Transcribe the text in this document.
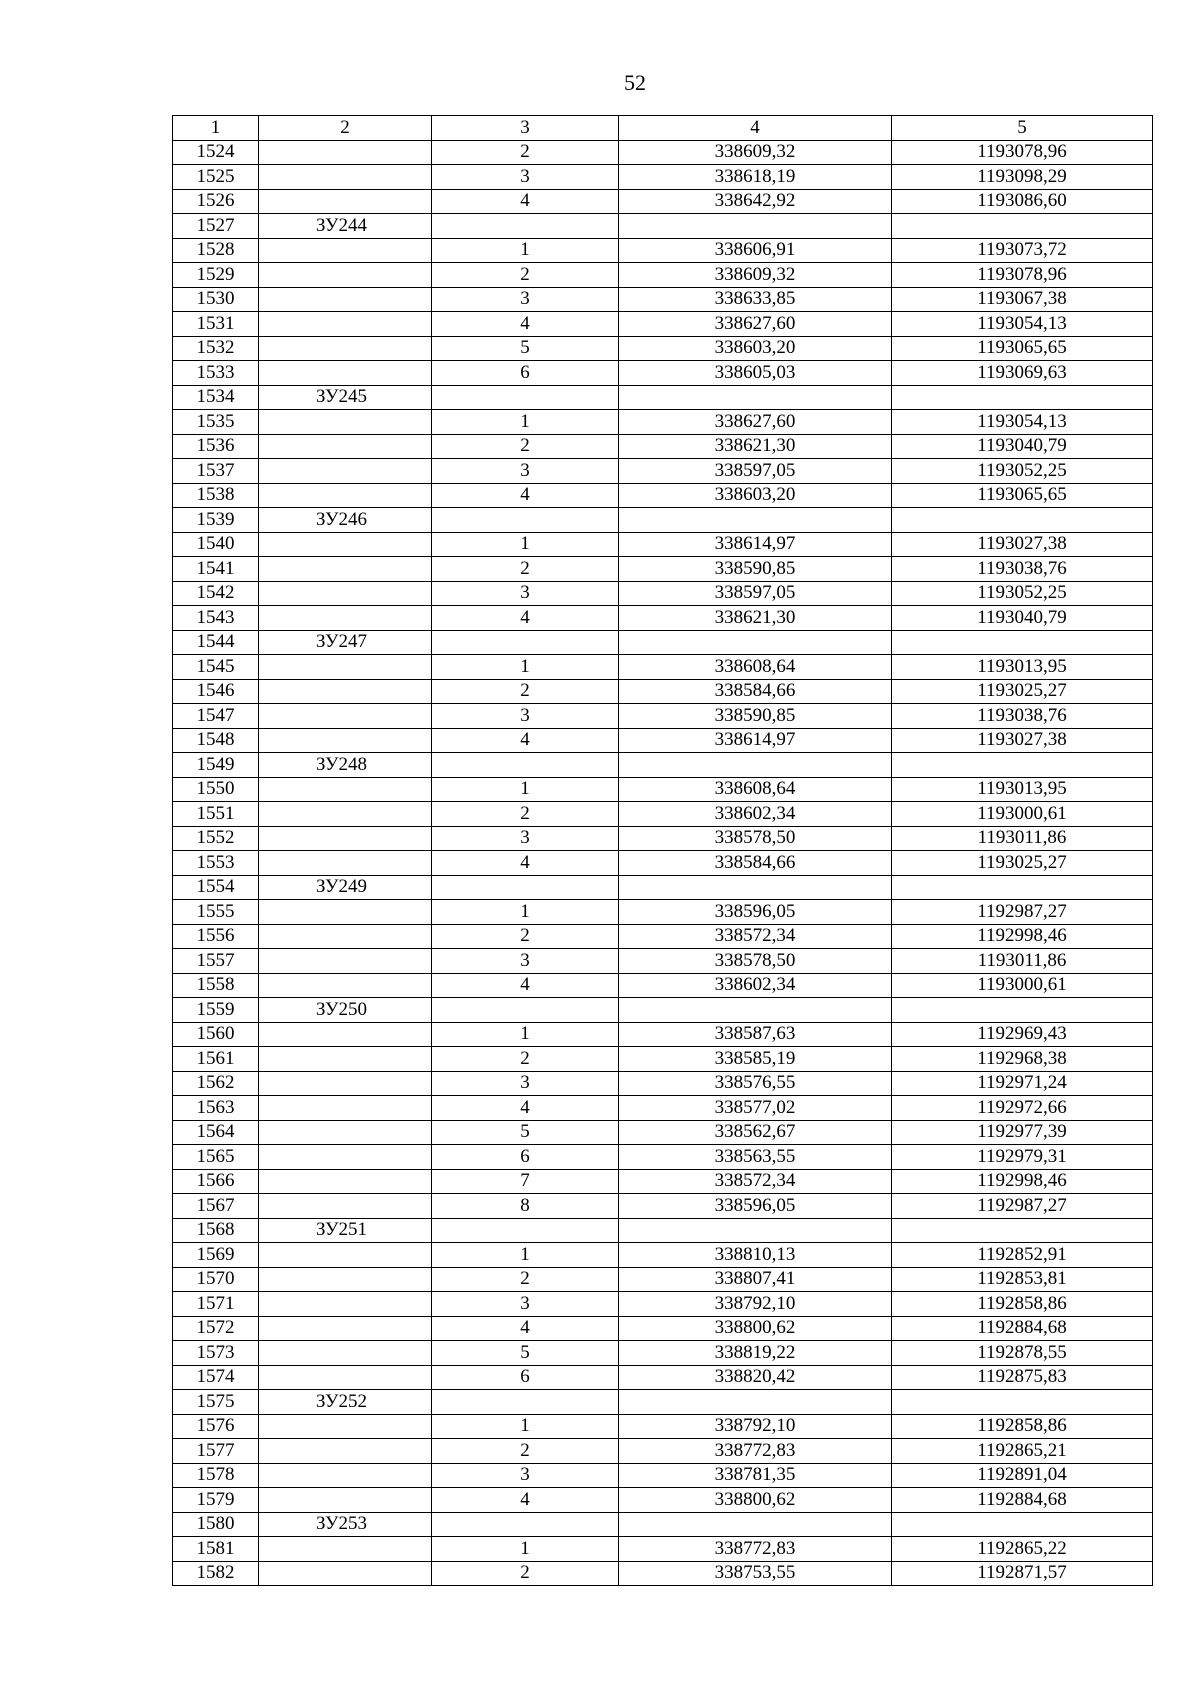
52
1	2	3	4	5
1524		2	338609,32	1193078,96
1525		3	338618,19	1193098,29
1526		4	338642,92	1193086,60
1527	ЗУ244			
1528		1	338606,91	1193073,72
1529		2	338609,32	1193078,96
1530		3	338633,85	1193067,38
1531		4	338627,60	1193054,13
1532		5	338603,20	1193065,65
1533		6	338605,03	1193069,63
1534	ЗУ245			
1535		1	338627,60	1193054,13
1536		2	338621,30	1193040,79
1537		3	338597,05	1193052,25
1538		4	338603,20	1193065,65
1539	ЗУ246			
1540		1	338614,97	1193027,38
1541		2	338590,85	1193038,76
1542		3	338597,05	1193052,25
1543		4	338621,30	1193040,79
1544	ЗУ247			
1545		1	338608,64	1193013,95
1546		2	338584,66	1193025,27
1547		3	338590,85	1193038,76
1548		4	338614,97	1193027,38
1549	ЗУ248			
1550		1	338608,64	1193013,95
1551		2	338602,34	1193000,61
1552		3	338578,50	1193011,86
1553		4	338584,66	1193025,27
1554	ЗУ249			
1555		1	338596,05	1192987,27
1556		2	338572,34	1192998,46
1557		3	338578,50	1193011,86
1558		4	338602,34	1193000,61
1559	ЗУ250			
1560		1	338587,63	1192969,43
1561		2	338585,19	1192968,38
1562		3	338576,55	1192971,24
1563		4	338577,02	1192972,66
1564		5	338562,67	1192977,39
1565		6	338563,55	1192979,31
1566		7	338572,34	1192998,46
1567		8	338596,05	1192987,27
1568	ЗУ251			
1569		1	338810,13	1192852,91
1570		2	338807,41	1192853,81
1571		3	338792,10	1192858,86
1572		4	338800,62	1192884,68
1573		5	338819,22	1192878,55
1574		6	338820,42	1192875,83
1575	ЗУ252			
1576		1	338792,10	1192858,86
1577		2	338772,83	1192865,21
1578		3	338781,35	1192891,04
1579		4	338800,62	1192884,68
1580	ЗУ253			
1581		1	338772,83	1192865,22
1582		2	338753,55	1192871,57
